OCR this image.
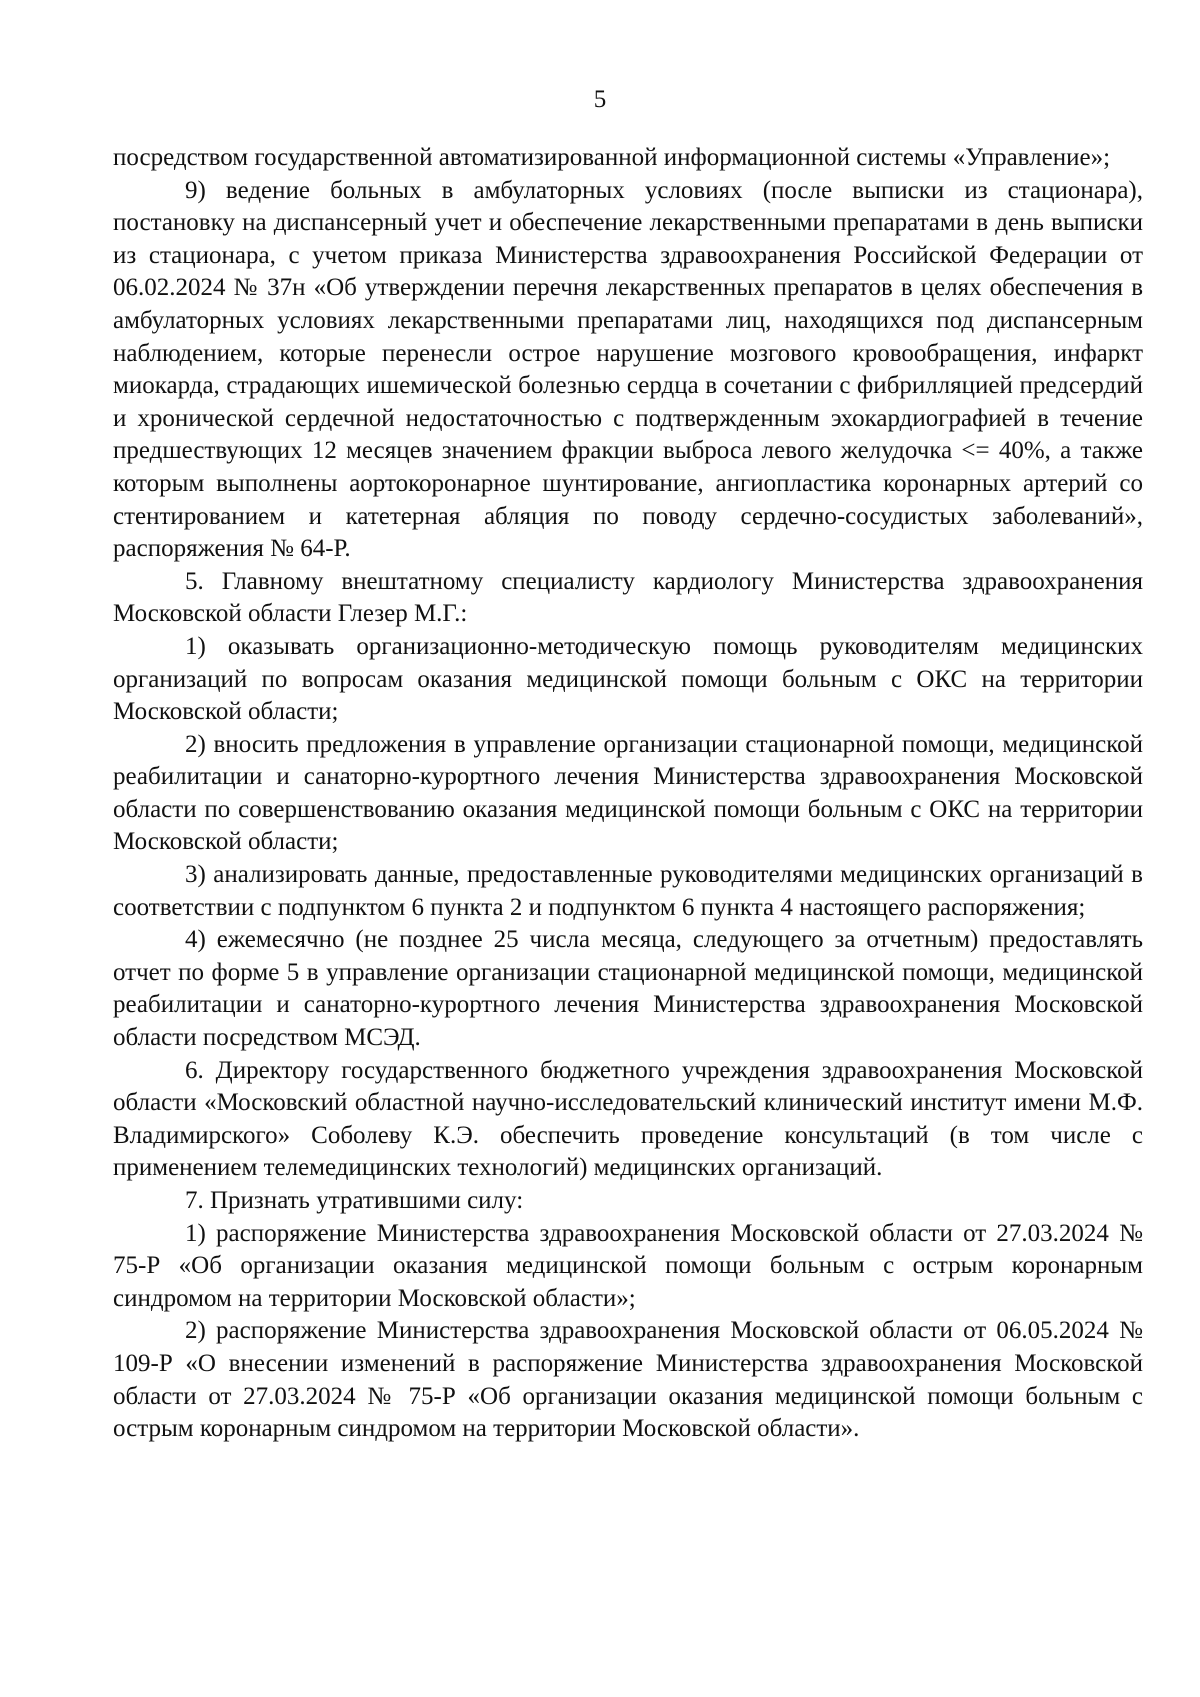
5

посредством государственной автоматизированной информационной системы «Управление»;

9) ведение больных в амбулаторных условиях (после выписки из стационара), постановку на диспансерный учет и обеспечение лекарственными препаратами в день выписки из стационара, с учетом приказа Министерства здравоохранения Российской Федерации от 06.02.2024 № 37н «Об утверждении перечня лекарственных препаратов в целях обеспечения в амбулаторных условиях лекарственными препаратами лиц, находящихся под диспансерным наблюдением, которые перенесли острое нарушение мозгового кровообращения, инфаркт миокарда, страдающих ишемической болезнью сердца в сочетании с фибрилляцией предсердий и хронической сердечной недостаточностью с подтвержденным эхокардиографией в течение предшествующих 12 месяцев значением фракции выброса левого желудочка <= 40%, а также которым выполнены аортокоронарное шунтирование, ангиопластика коронарных артерий со стентированием и катетерная абляция по поводу сердечно-сосудистых заболеваний», распоряжения № 64-Р.

5. Главному внештатному специалисту кардиологу Министерства здравоохранения Московской области Глезер М.Г.:

1) оказывать организационно-методическую помощь руководителям медицинских организаций по вопросам оказания медицинской помощи больным с ОКС на территории Московской области;

2) вносить предложения в управление организации стационарной помощи, медицинской реабилитации и санаторно-курортного лечения Министерства здравоохранения Московской области по совершенствованию оказания медицинской помощи больным с ОКС на территории Московской области;

3) анализировать данные, предоставленные руководителями медицинских организаций в соответствии с подпунктом 6 пункта 2 и подпунктом 6 пункта 4 настоящего распоряжения;

4) ежемесячно (не позднее 25 числа месяца, следующего за отчетным) предоставлять отчет по форме 5 в управление организации стационарной медицинской помощи, медицинской реабилитации и санаторно-курортного лечения Министерства здравоохранения Московской области посредством МСЭД.

6. Директору государственного бюджетного учреждения здравоохранения Московской области «Московский областной научно-исследовательский клинический институт имени М.Ф. Владимирского» Соболеву К.Э. обеспечить проведение консультаций (в том числе с применением телемедицинских технологий) медицинских организаций.

7. Признать утратившими силу:

1) распоряжение Министерства здравоохранения Московской области от 27.03.2024 № 75-Р «Об организации оказания медицинской помощи больным с острым коронарным синдромом на территории Московской области»;

2) распоряжение Министерства здравоохранения Московской области от 06.05.2024 № 109-Р «О внесении изменений в распоряжение Министерства здравоохранения Московской области от 27.03.2024 № 75-Р «Об организации оказания медицинской помощи больным с острым коронарным синдромом на территории Московской области».
